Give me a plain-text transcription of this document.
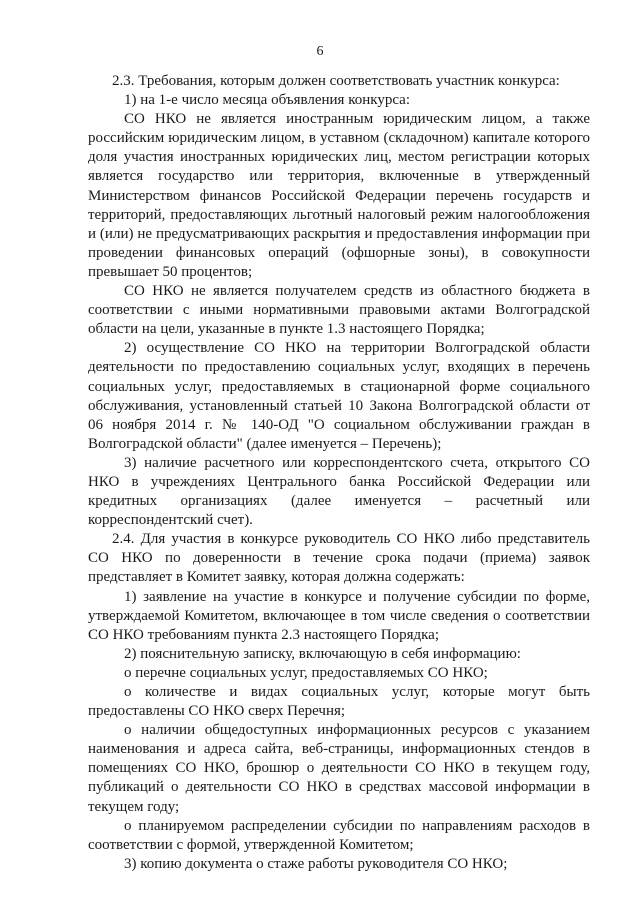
6

2.3. Требования, которым должен соответствовать участник конкурса:

1) на 1-е число месяца объявления конкурса:

СО НКО не является иностранным юридическим лицом, а также российским юридическим лицом, в уставном (складочном) капитале которого доля участия иностранных юридических лиц, местом регистрации которых является государство или территория, включенные в утвержденный Министерством финансов Российской Федерации перечень государств и территорий, предоставляющих льготный налоговый режим налогообложения и (или) не предусматривающих раскрытия и предоставления информации при проведении финансовых операций (офшорные зоны), в совокупности превышает 50 процентов;

СО НКО не является получателем средств из областного бюджета в соответствии с иными нормативными правовыми актами Волгоградской области на цели, указанные в пункте 1.3 настоящего Порядка;

2) осуществление СО НКО на территории Волгоградской области деятельности по предоставлению социальных услуг, входящих в перечень социальных услуг, предоставляемых в стационарной форме социального обслуживания, установленный статьей 10 Закона Волгоградской области от 06 ноября 2014 г. № 140-ОД "О социальном обслуживании граждан в Волгоградской области" (далее именуется – Перечень);

3) наличие расчетного или корреспондентского счета, открытого СО НКО в учреждениях Центрального банка Российской Федерации или кредитных организациях (далее именуется – расчетный или корреспондентский счет).

2.4. Для участия в конкурсе руководитель СО НКО либо представитель СО НКО по доверенности в течение срока подачи (приема) заявок представляет в Комитет заявку, которая должна содержать:

1) заявление на участие в конкурсе и получение субсидии по форме, утверждаемой Комитетом, включающее в том числе сведения о соответствии СО НКО требованиям пункта 2.3 настоящего Порядка;

2) пояснительную записку, включающую в себя информацию:

о перечне социальных услуг, предоставляемых СО НКО;

о количестве и видах социальных услуг, которые могут быть предоставлены СО НКО сверх Перечня;

о наличии общедоступных информационных ресурсов с указанием наименования и адреса сайта, веб-страницы, информационных стендов в помещениях СО НКО, брошюр о деятельности СО НКО в текущем году, публикаций о деятельности СО НКО в средствах массовой информации в текущем году;

о планируемом распределении субсидии по направлениям расходов в соответствии с формой, утвержденной Комитетом;

3) копию документа о стаже работы руководителя СО НКО;
